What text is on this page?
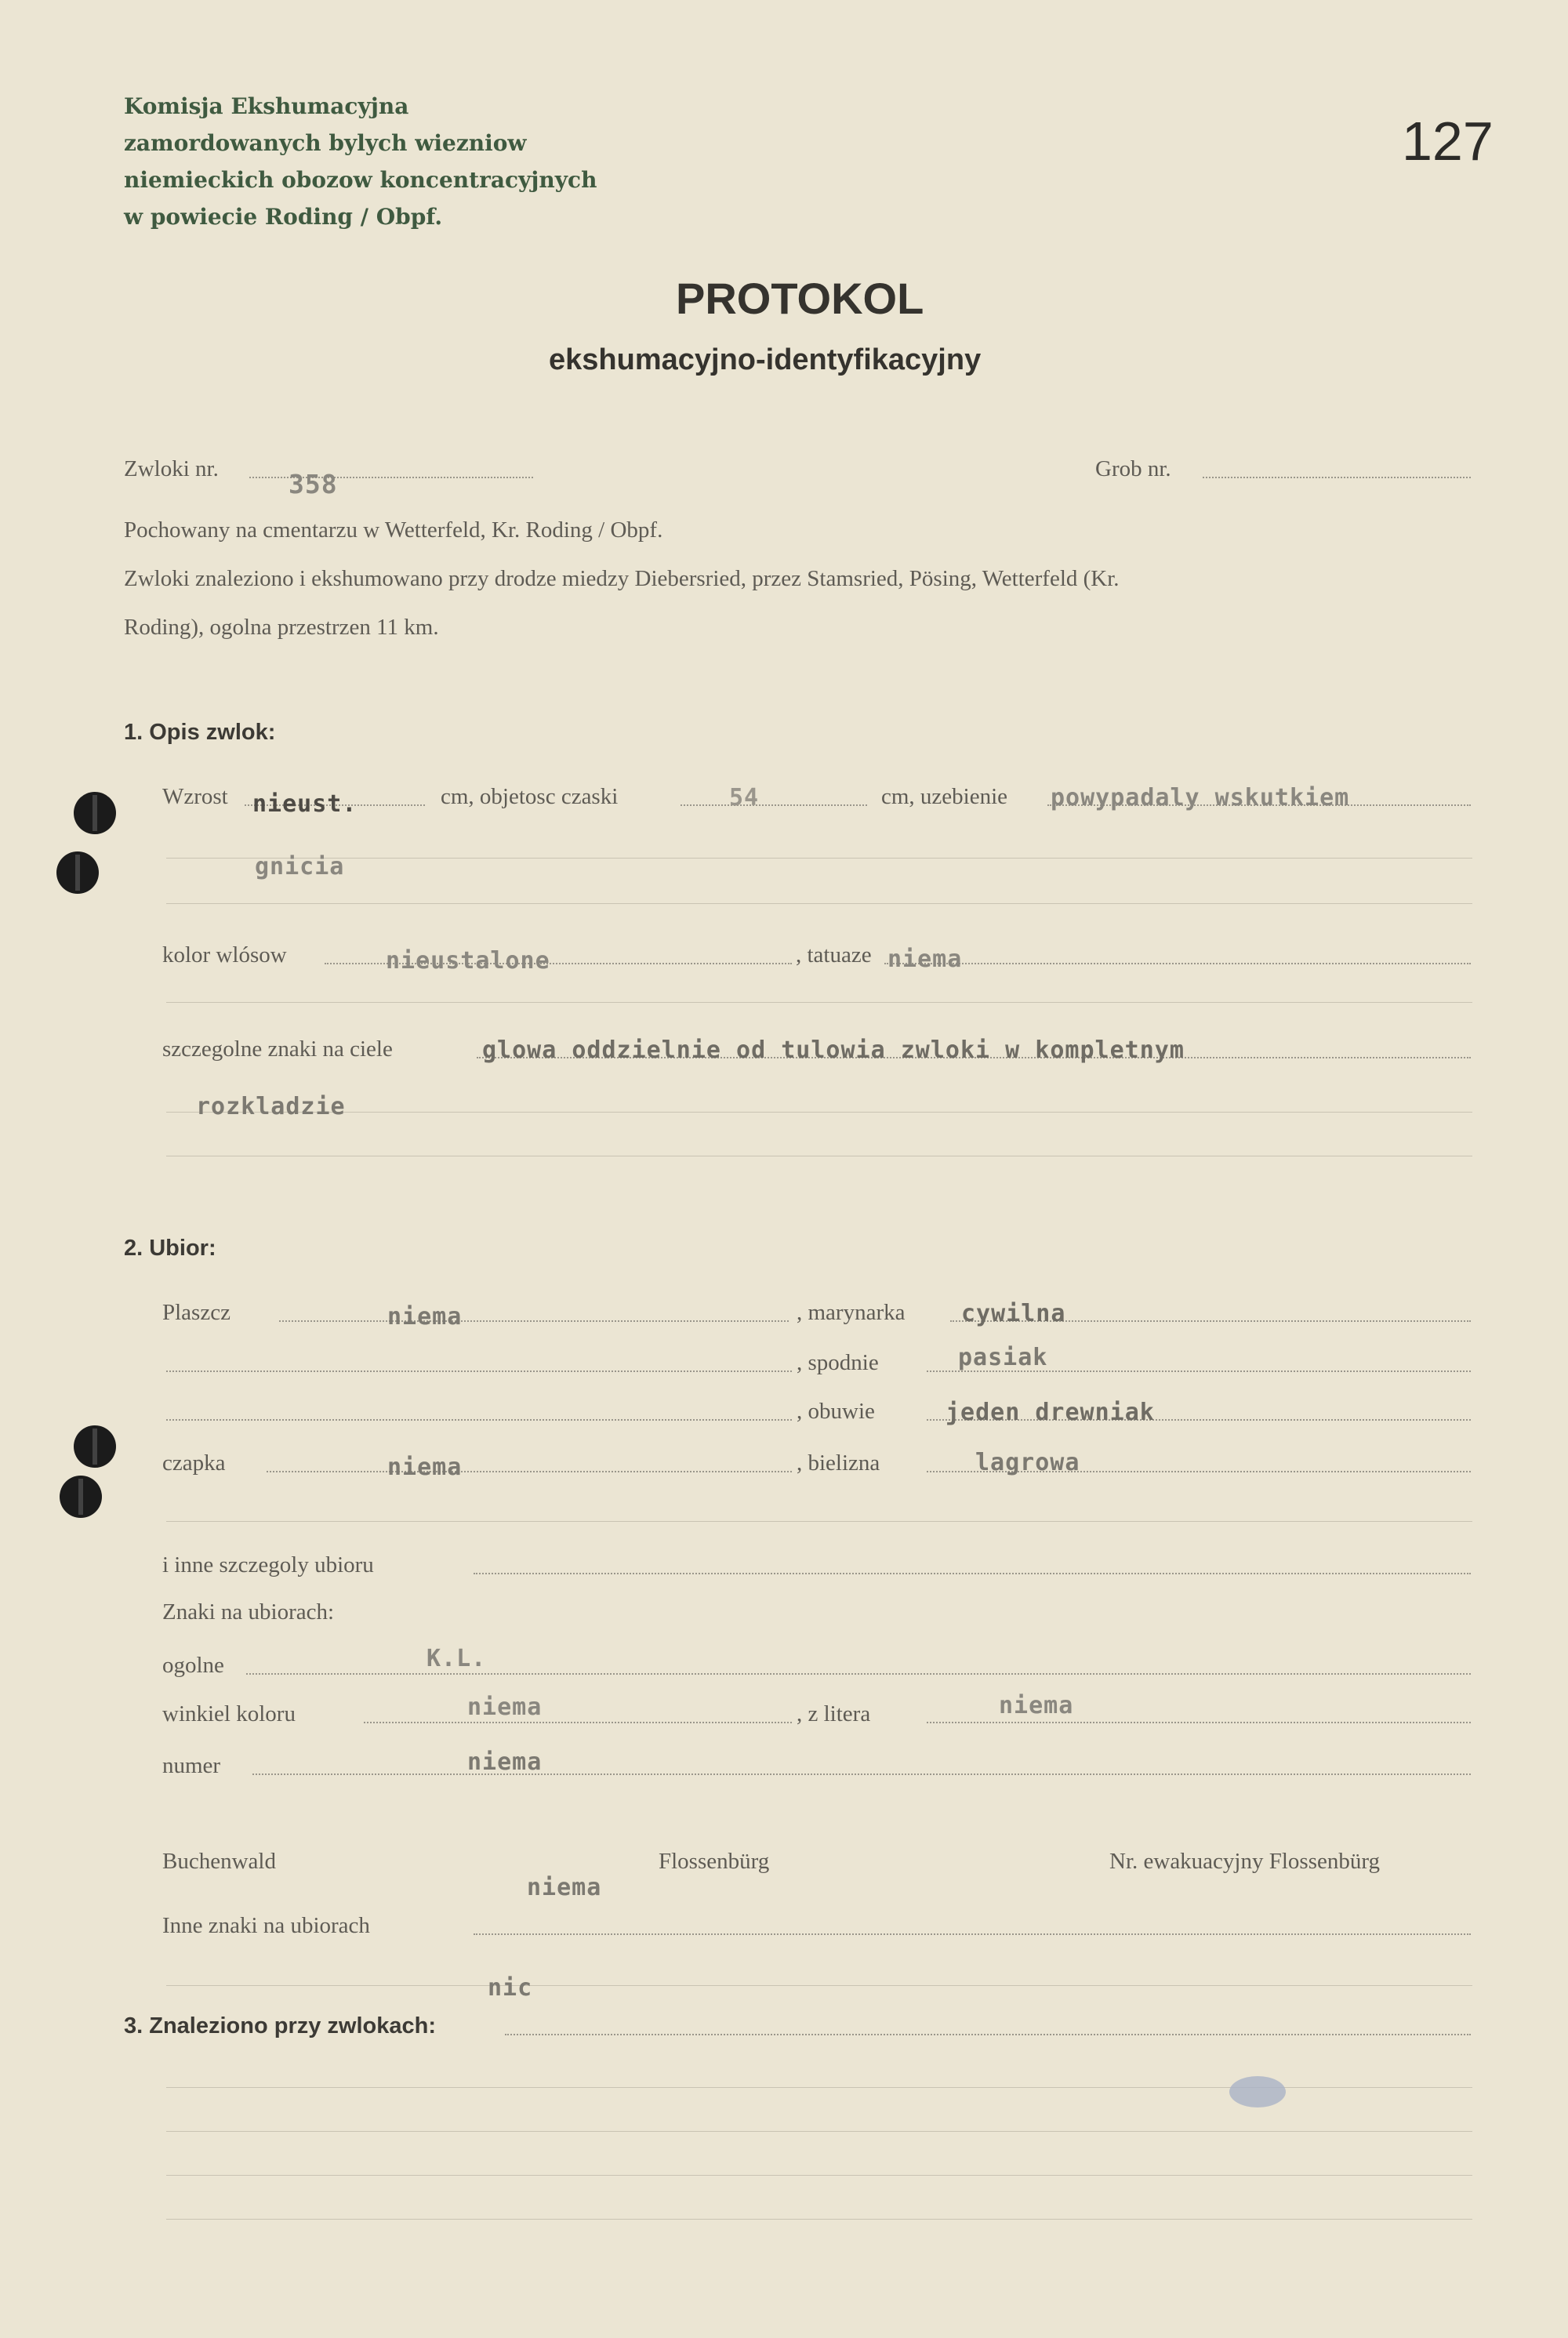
Komisja Ekshumacyjna
zamordowanych bylych wiezniow
niemieckich obozow koncentracyjnych
w powiecie Roding / Obpf.
127
PROTOKOL
ekshumacyjno-identyfikacyjny
Zwloki nr.	358	Grob nr.
Pochowany na cmentarzu w Wetterfeld, Kr. Roding / Obpf.
Zwloki znaleziono i ekshumowano przy drodze miedzy Diebersried, przez Stamsried, Pösing, Wetterfeld (Kr.
Roding), ogolna przestrzen 11 km.
1. Opis zwlok:
Wzrost nieust.	cm, objetosc czaski	54	cm, uzebienie powypadaly wskutkiem
gnicia
kolor wlósow	nieustalone	, tatuaze niema
szczegolne znaki na ciele	glowa oddzielnie od tulowia zwloki w kompletnym
rozkladzie
2. Ubior:
Plaszcz	niema	, marynarka cywilna
, spodnie	pasiak
, obuwie	jeden drewniak
czapka	niema	, bielizna	lagrowa
i inne szczegoly ubioru
Znaki na ubiorach:
ogolne	K.L.
winkiel koloru	niema	, z litera	niema
numer	niema
Buchenwald	Flossenbürg	Nr. ewakuacyjny Flossenbürg
niema
Inne znaki na ubiorach
nic
3. Znaleziono przy zwlokach:
